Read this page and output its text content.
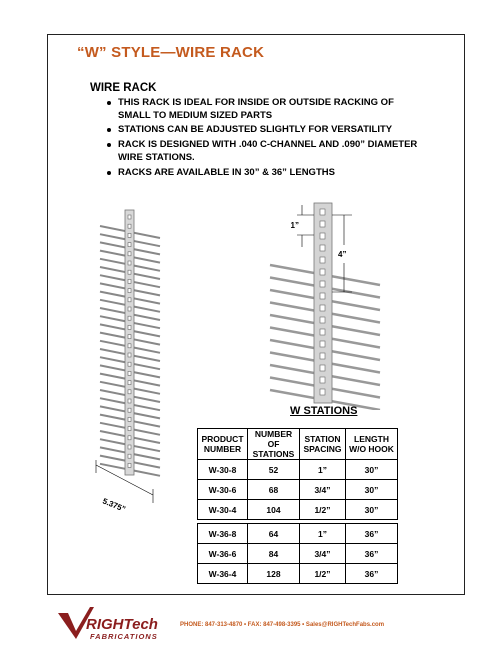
“W” STYLE—WIRE RACK
WIRE RACK
THIS RACK IS IDEAL FOR INSIDE OR OUTSIDE RACKING OF SMALL TO MEDIUM SIZED PARTS
STATIONS CAN BE ADJUSTED SLIGHTLY FOR VERSATILITY
RACK IS DESIGNED WITH .040 C-CHANNEL AND .090” DIAMETER WIRE STATIONS.
RACKS ARE AVAILABLE IN 30” & 36” LENGTHS
5.375”
1”
4”
W STATIONS
PRODUCT NUMBER	NUMBER OF STATIONS	STATION SPACING	LENGTH W/O HOOK
W-30-8	52	1”	30”
W-30-6	68	3/4”	30”
W-30-4	104	1/2”	30”

W-36-8	64	1”	36”
W-36-6	84	3/4”	36”
W-36-4	128	1/2”	36”
RIGHTech
FABRICATIONS
PHONE: 847-313-4870 • FAX: 847-498-3395 • Sales@RIGHTechFabs.com
